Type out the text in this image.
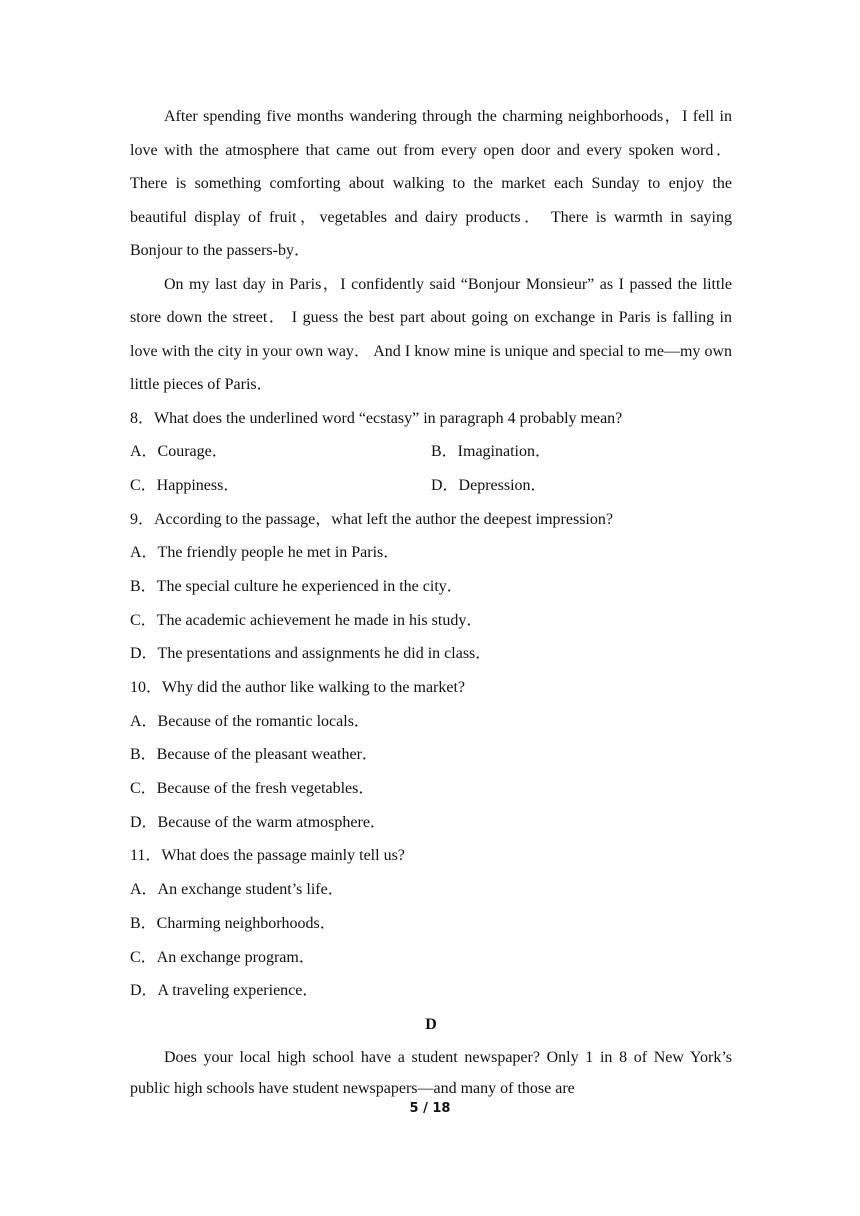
After spending five months wandering through the charming neighborhoods，I fell in love with the atmosphere that came out from every open door and every spoken word． There is something comforting about walking to the market each Sunday to enjoy the beautiful display of fruit，vegetables and dairy products． There is warmth in saying Bonjour to the passers-by．

On my last day in Paris，I confidently said “Bonjour Monsieur” as I passed the little store down the street． I guess the best part about going on exchange in Paris is falling in love with the city in your own way． And I know mine is unique and special to me—my own little pieces of Paris．

8．What does the underlined word “ecstasy” in paragraph 4 probably mean?

A．Courage．	B．Imagination．
C．Happiness．	D．Depression．

9．According to the passage，what left the author the deepest impression?

A．The friendly people he met in Paris．

B．The special culture he experienced in the city．

C．The academic achievement he made in his study．

D．The presentations and assignments he did in class．

10．Why did the author like walking to the market?

A．Because of the romantic locals．

B．Because of the pleasant weather．

C．Because of the fresh vegetables．

D．Because of the warm atmosphere．

11．What does the passage mainly tell us?

A．An exchange student’s life．

B．Charming neighborhoods．

C．An exchange program．

D．A traveling experience．

D

Does your local high school have a student newspaper? Only 1 in 8 of New York’s public high schools have student newspapers—and many of those are

5 / 18
